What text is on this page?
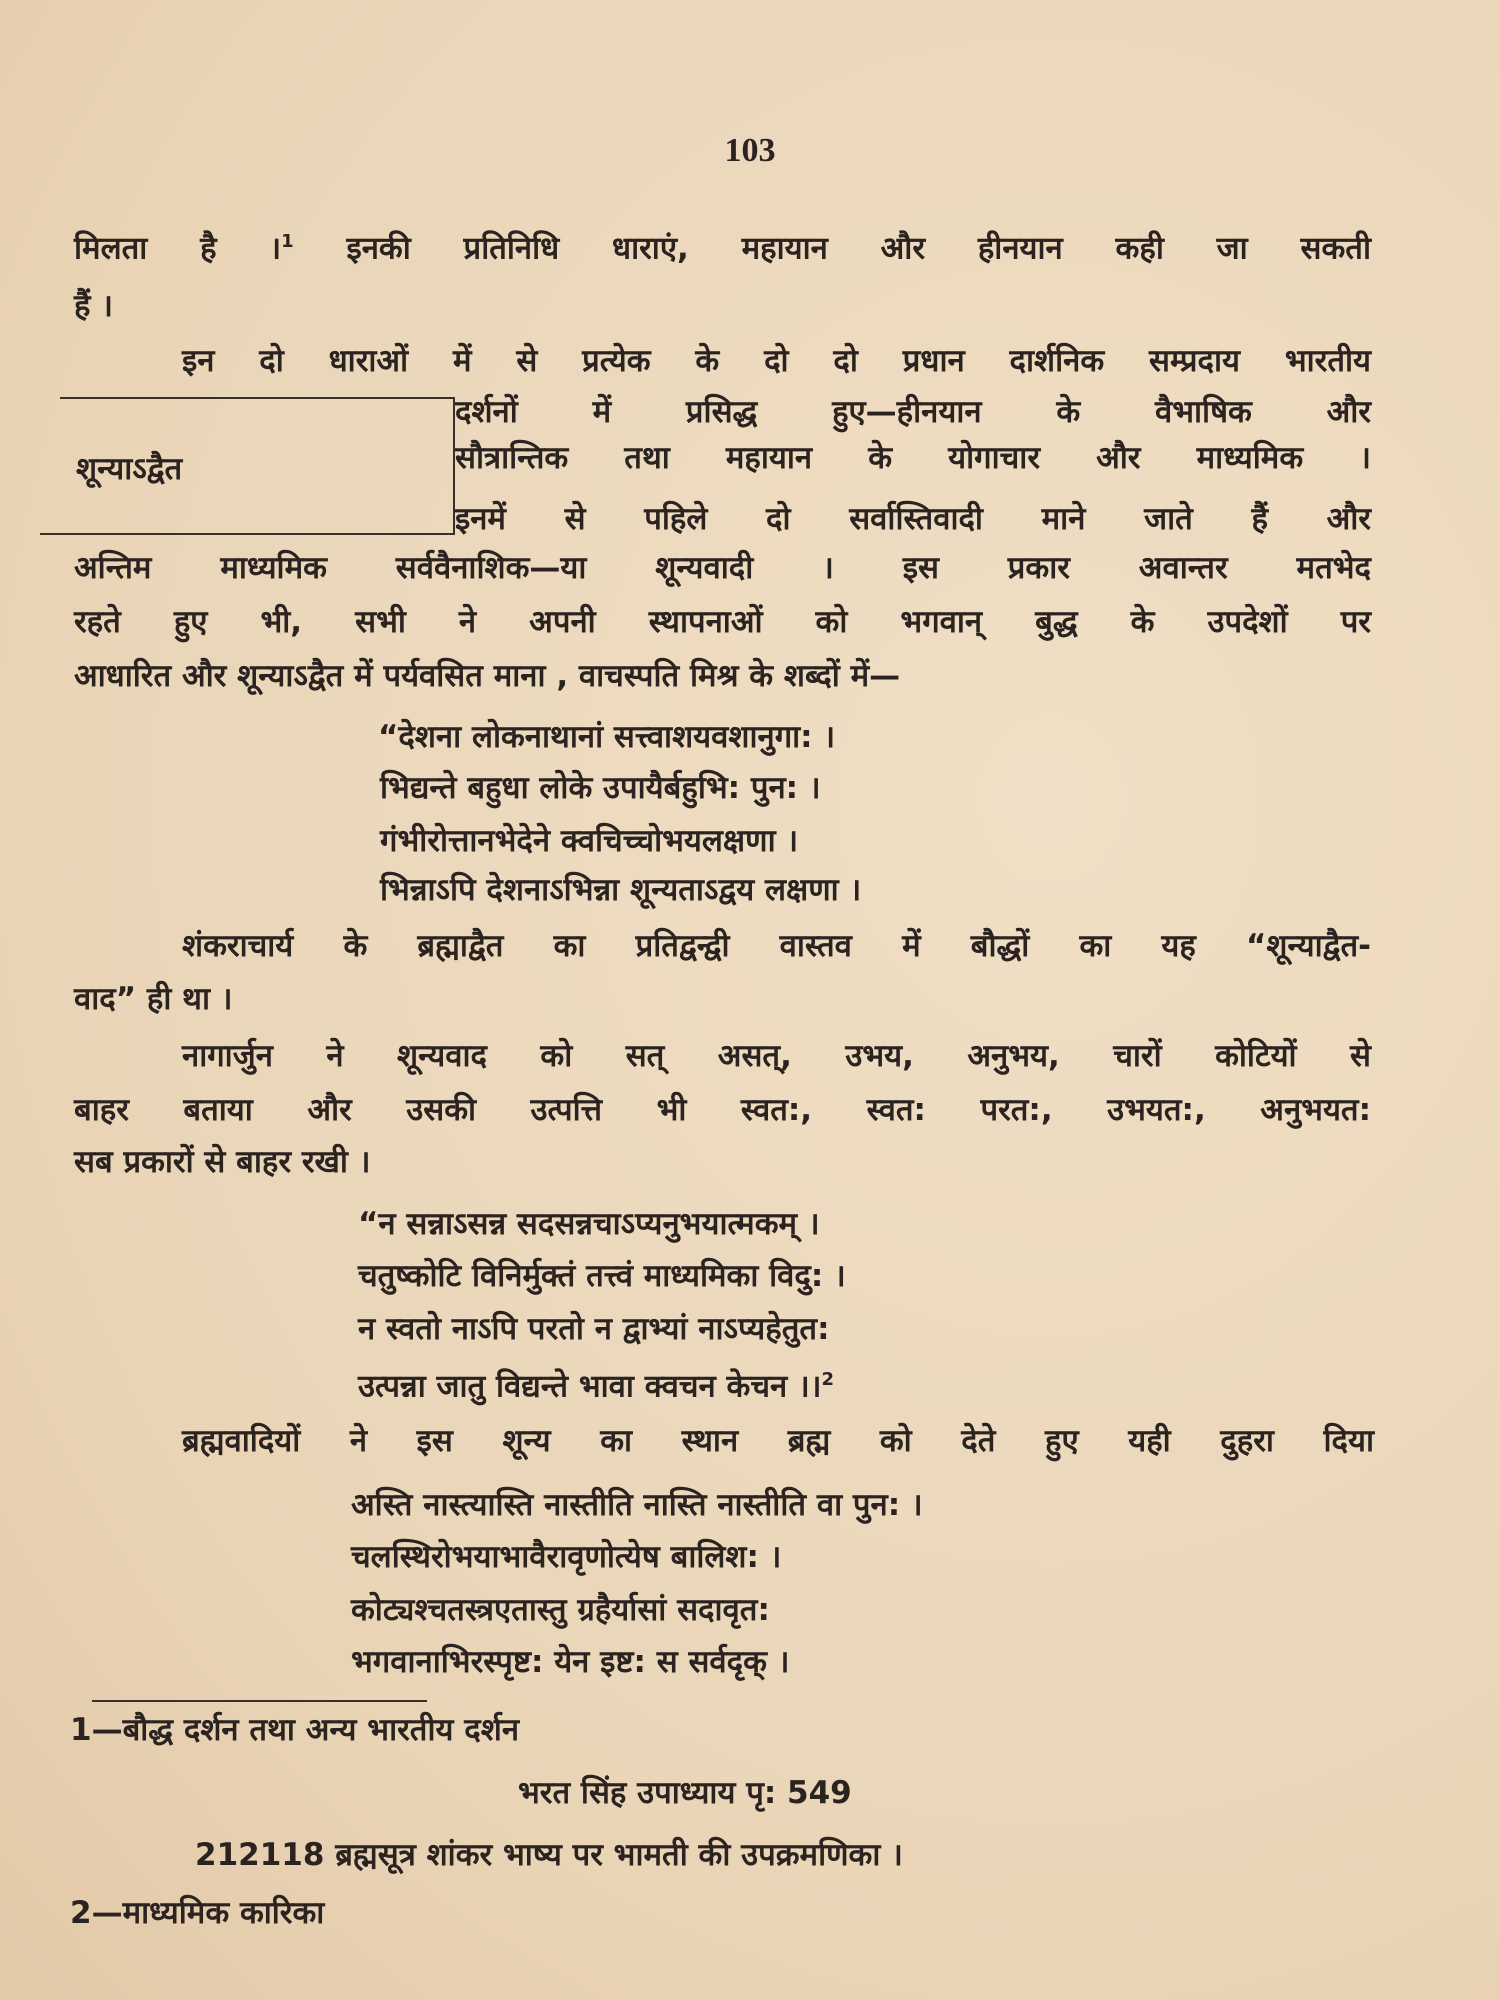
103
मिलता है ।$^1$ इनकी प्रतिनिधि धाराएं, महायान और हीनयान कही जा सकती
हैं ।
इन दो धाराओं में से प्रत्येक के दो दो प्रधान दार्शनिक सम्प्रदाय भारतीय
शून्याऽद्वैत
दर्शनों में प्रसिद्ध हुए—हीनयान के वैभाषिक और
सौत्रान्तिक तथा महायान के योगाचार और माध्यमिक ।
इनमें से पहिले दो सर्वास्तिवादी माने जाते हैं और
अन्तिम माध्यमिक सर्ववैनाशिक—या शून्यवादी । इस प्रकार अवान्तर मतभेद
रहते हुए भी, सभी ने अपनी स्थापनाओं को भगवान् बुद्ध के उपदेशों पर
आधारित और शून्याऽद्वैत में पर्यवसित माना , वाचस्पति मिश्र के शब्दों में—
“देशना लोकनाथानां सत्त्वाशयवशानुगा: ।
भिद्यन्ते बहुधा लोके उपायैर्बहुभि: पुन: ।
गंभीरोत्तानभेदेने क्वचिच्चोभयलक्षणा ।
भिन्नाऽपि देशनाऽभिन्ना शून्यताऽद्वय लक्षणा ।
शंकराचार्य के ब्रह्माद्वैत का प्रतिद्वन्द्वी वास्तव में बौद्धों का यह “शून्याद्वैत-
वाद” ही था ।
नागार्जुन ने शून्यवाद को सत् असत्, उभय, अनुभय, चारों कोटियों से
बाहर बताया और उसकी उत्पत्ति भी स्वत:, स्वत: परत:, उभयत:, अनुभयत:
सब प्रकारों से बाहर रखी ।
“न सन्नाऽसन्न सदसन्नचाऽप्यनुभयात्मकम् ।
चतुष्कोटि विनिर्मुक्तं तत्त्वं माध्यमिका विदु: ।
न स्वतो नाऽपि परतो न द्वाभ्यां नाऽप्यहेतुत:
उत्पन्ना जातु विद्यन्ते भावा क्वचन केचन ।।$^2$
ब्रह्मवादियों ने इस शून्य का स्थान ब्रह्म को देते हुए यही दुहरा दिया
अस्ति नास्त्यास्ति नास्तीति नास्ति नास्तीति वा पुन: ।
चलस्थिरोभयाभावैरावृणोत्येष बालिश: ।
कोट्यश्चतस्त्रएतास्तु ग्रहैर्यासां सदावृत:
भगवानाभिरस्पृष्ट: येन इष्ट: स सर्वदृक् ।
1—बौद्ध दर्शन तथा अन्य भारतीय दर्शन
भरत सिंह उपाध्याय पृ: 549
212118 ब्रह्मसूत्र शांकर भाष्य पर भामती की उपक्रमणिका ।
2—माध्यमिक कारिका
